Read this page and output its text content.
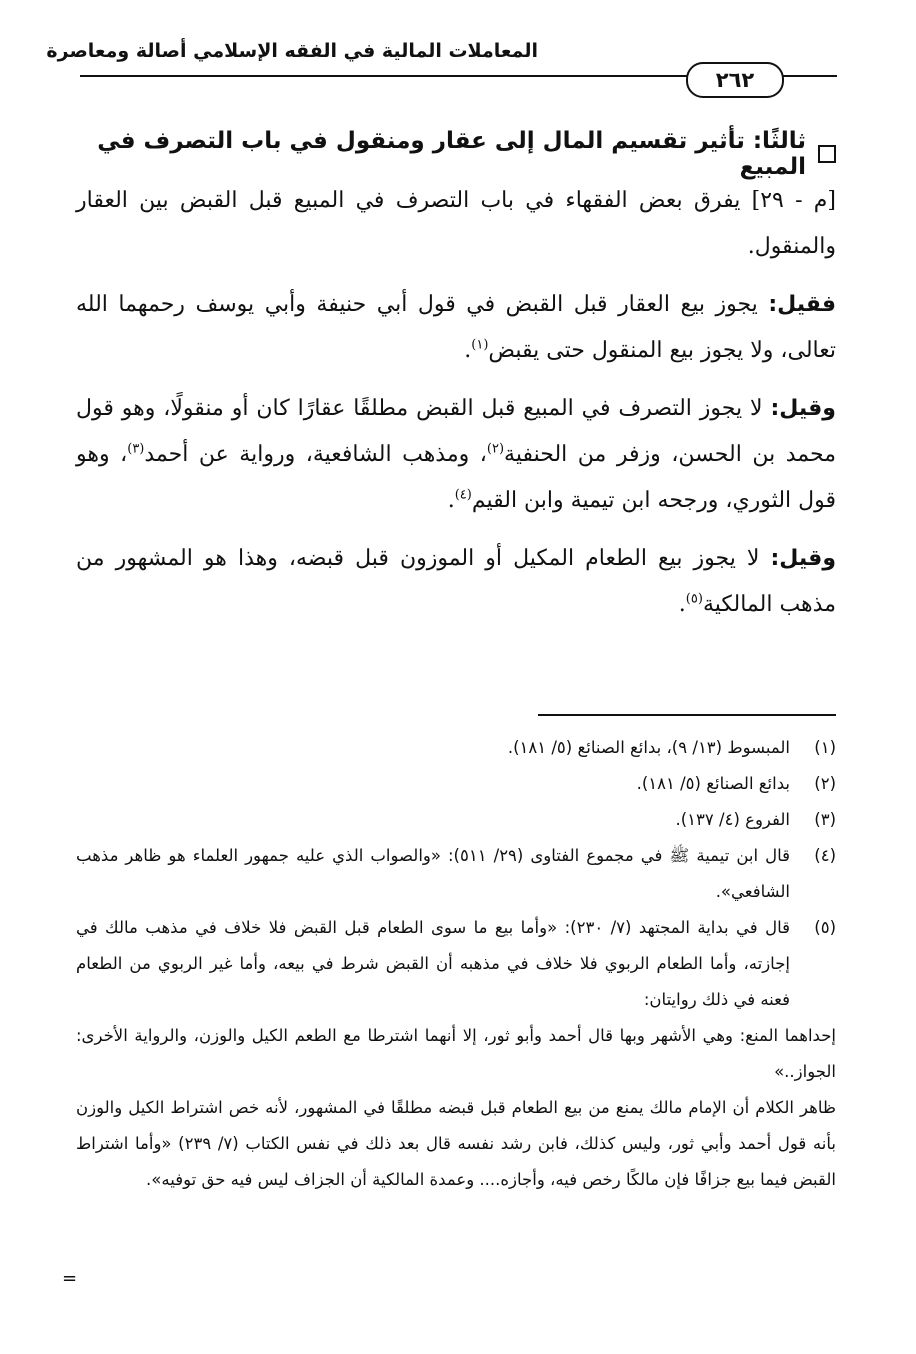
المعاملات المالية في الفقه الإسلامي أصالة ومعاصرة
٢٦٢
ثالثًا: تأثير تقسيم المال إلى عقار ومنقول في باب التصرف في المبيع

[م - ٢٩] يفرق بعض الفقهاء في باب التصرف في المبيع قبل القبض بين العقار والمنقول.

فقيل: يجوز بيع العقار قبل القبض في قول أبي حنيفة وأبي يوسف رحمهما الله تعالى، ولا يجوز بيع المنقول حتى يقبض$^{(١)}$.

وقيل: لا يجوز التصرف في المبيع قبل القبض مطلقًا عقارًا كان أو منقولًا، وهو قول محمد بن الحسن، وزفر من الحنفية$^{(٢)}$، ومذهب الشافعية، ورواية عن أحمد$^{(٣)}$، وهو قول الثوري، ورجحه ابن تيمية وابن القيم$^{(٤)}$.

وقيل: لا يجوز بيع الطعام المكيل أو الموزون قبل قبضه، وهذا هو المشهور من مذهب المالكية$^{(٥)}$.

(١)
المبسوط (١٣/ ٩)، بدائع الصنائع (٥/ ١٨١).
(٢)
بدائع الصنائع (٥/ ١٨١).
(٣)
الفروع (٤/ ١٣٧).
(٤)
قال ابن تيمية ﷺ في مجموع الفتاوى (٢٩/ ٥١١): «والصواب الذي عليه جمهور العلماء هو ظاهر مذهب الشافعي».
(٥)
قال في بداية المجتهد (٧/ ٢٣٠): «وأما بيع ما سوى الطعام قبل القبض فلا خلاف في مذهب مالك في إجازته، وأما الطعام الربوي فلا خلاف في مذهبه أن القبض شرط في بيعه، وأما غير الربوي من الطعام فعنه في ذلك روايتان:
إحداهما المنع: وهي الأشهر وبها قال أحمد وأبو ثور، إلا أنهما اشترطا مع الطعم الكيل والوزن، والرواية الأخرى: الجواز..»
ظاهر الكلام أن الإمام مالك يمنع من بيع الطعام قبل قبضه مطلقًا في المشهور، لأنه خص اشتراط الكيل والوزن بأنه قول أحمد وأبي ثور، وليس كذلك، فابن رشد نفسه قال بعد ذلك في نفس الكتاب (٧/ ٢٣٩) «وأما اشتراط القبض فيما بيع جزافًا فإن مالكًا رخص فيه، وأجازه.... وعمدة المالكية أن الجزاف ليس فيه حق توفيه».
=
